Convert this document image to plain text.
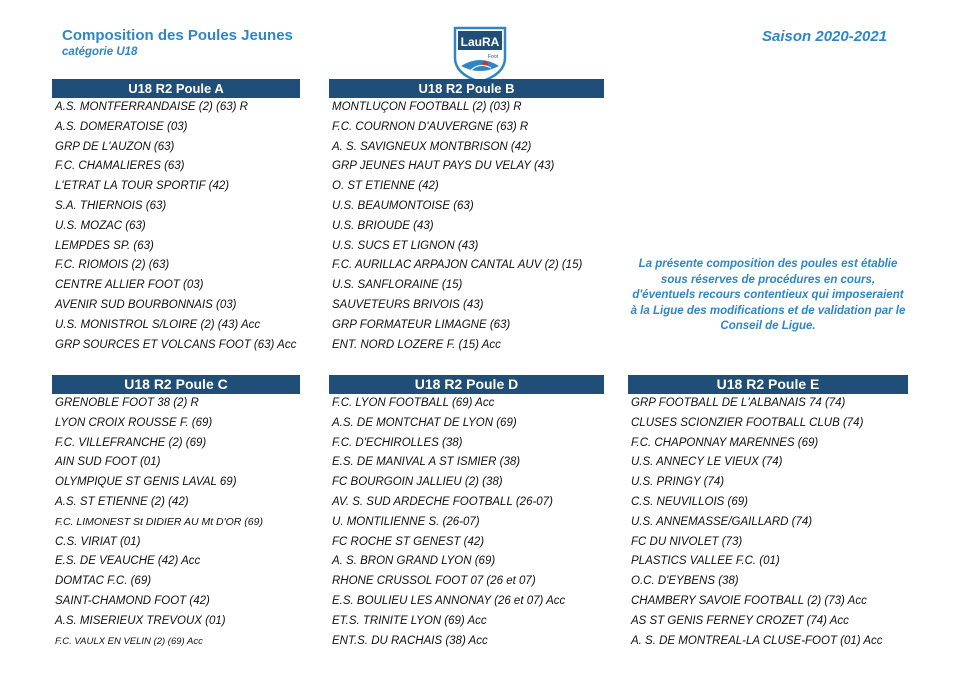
Composition des Poules Jeunes
catégorie U18
Saison 2020-2021
LauRA
Foot
U18 R2 Poule A
A.S. MONTFERRANDAISE (2) (63) R
A.S. DOMERATOISE (03)
GRP DE L'AUZON (63)
F.C. CHAMALIERES (63)
L'ETRAT LA TOUR SPORTIF (42)
S.A. THIERNOIS (63)
U.S. MOZAC (63)
LEMPDES SP. (63)
F.C. RIOMOIS (2) (63)
CENTRE ALLIER FOOT (03)
AVENIR SUD BOURBONNAIS (03)
U.S. MONISTROL S/LOIRE (2) (43) Acc
GRP SOURCES ET VOLCANS FOOT (63) Acc
U18 R2 Poule B
MONTLUÇON FOOTBALL (2) (03) R
F.C. COURNON D'AUVERGNE (63) R
A. S. SAVIGNEUX MONTBRISON (42)
GRP JEUNES HAUT PAYS DU VELAY (43)
O. ST ETIENNE (42)
U.S. BEAUMONTOISE (63)
U.S. BRIOUDE (43)
U.S. SUCS ET LIGNON (43)
F.C. AURILLAC ARPAJON CANTAL AUV (2) (15)
U.S. SANFLORAINE (15)
SAUVETEURS BRIVOIS (43)
GRP FORMATEUR LIMAGNE (63)
ENT. NORD LOZERE F. (15) Acc
U18 R2 Poule C
GRENOBLE FOOT 38 (2) R
LYON CROIX ROUSSE F. (69)
F.C. VILLEFRANCHE (2) (69)
AIN SUD FOOT (01)
OLYMPIQUE ST GENIS LAVAL 69)
A.S. ST ETIENNE (2) (42)
F.C. LIMONEST St DIDIER AU Mt D'OR (69)
C.S. VIRIAT (01)
E.S. DE VEAUCHE (42) Acc
DOMTAC F.C. (69)
SAINT-CHAMOND FOOT (42)
A.S. MISERIEUX TREVOUX (01)
F.C. VAULX EN VELIN (2) (69) Acc
U18 R2 Poule D
F.C. LYON FOOTBALL (69) Acc
A.S. DE MONTCHAT DE LYON (69)
F.C. D'ECHIROLLES (38)
E.S. DE MANIVAL A ST ISMIER (38)
FC BOURGOIN JALLIEU (2) (38)
AV. S. SUD ARDECHE FOOTBALL (26-07)
U. MONTILIENNE S. (26-07)
FC ROCHE ST GENEST (42)
A. S. BRON GRAND LYON (69)
RHONE CRUSSOL FOOT 07 (26 et 07)
E.S. BOULIEU LES ANNONAY (26 et 07) Acc
ET.S. TRINITE LYON (69) Acc
ENT.S. DU RACHAIS (38) Acc
U18 R2 Poule E
GRP FOOTBALL DE L'ALBANAIS 74 (74)
CLUSES SCIONZIER FOOTBALL CLUB (74)
F.C. CHAPONNAY MARENNES (69)
U.S. ANNECY LE VIEUX (74)
U.S. PRINGY (74)
C.S. NEUVILLOIS (69)
U.S. ANNEMASSE/GAILLARD (74)
FC DU NIVOLET (73)
PLASTICS VALLEE F.C. (01)
O.C. D'EYBENS (38)
CHAMBERY SAVOIE FOOTBALL (2) (73) Acc
AS ST GENIS FERNEY CROZET (74) Acc
A. S. DE MONTREAL-LA CLUSE-FOOT (01) Acc
La présente composition des poules est établie sous réserves de procédures en cours, d'éventuels recours contentieux qui imposeraient à la Ligue des modifications et de validation par le Conseil de Ligue.
